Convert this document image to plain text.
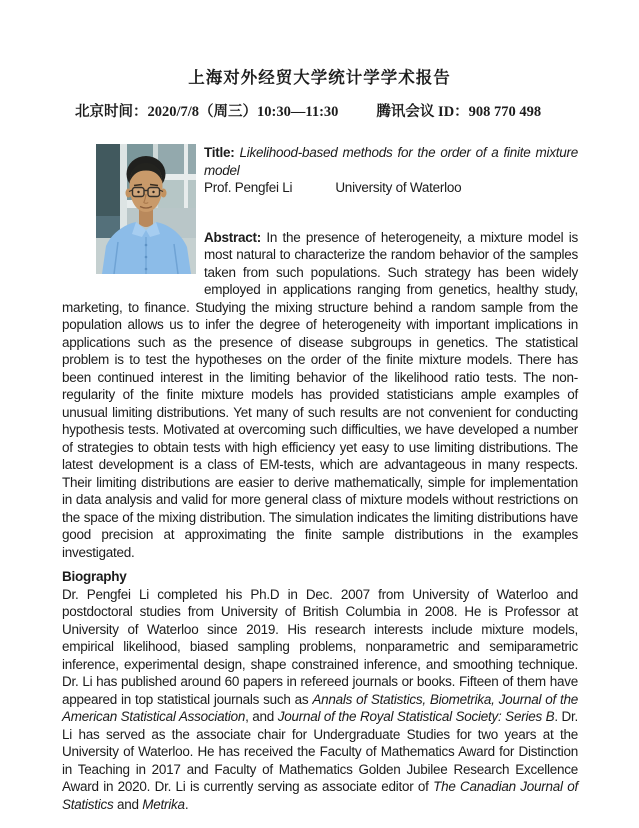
上海对外经贸大学统计学学术报告
北京时间：2020/7/8（周三）10:30—11:30	腾讯会议 ID：908 770 498

Title: Likelihood-based methods for the order of a finite mixture model

Prof. Pengfei Li	University of Waterloo

Abstract: In the presence of heterogeneity, a mixture model is most natural to characterize the random behavior of the samples taken from such populations. Such strategy has been widely employed in applications ranging from genetics, healthy study, marketing, to finance. Studying the mixing structure behind a random sample from the population allows us to infer the degree of heterogeneity with important implications in applications such as the presence of disease subgroups in genetics. The statistical problem is to test the hypotheses on the order of the finite mixture models. There has been continued interest in the limiting behavior of the likelihood ratio tests. The non-regularity of the finite mixture models has provided statisticians ample examples of unusual limiting distributions. Yet many of such results are not convenient for conducting hypothesis tests. Motivated at overcoming such difficulties, we have developed a number of strategies to obtain tests with high efficiency yet easy to use limiting distributions. The latest development is a class of EM-tests, which are advantageous in many respects. Their limiting distributions are easier to derive mathematically, simple for implementation in data analysis and valid for more general class of mixture models without restrictions on the space of the mixing distribution. The simulation indicates the limiting distributions have good precision at approximating the finite sample distributions in the examples investigated.

Biography

Dr. Pengfei Li completed his Ph.D in Dec. 2007 from University of Waterloo and postdoctoral studies from University of British Columbia in 2008. He is Professor at University of Waterloo since 2019. His research interests include mixture models, empirical likelihood, biased sampling problems, nonparametric and semiparametric inference, experimental design, shape constrained inference, and smoothing technique. Dr. Li has published around 60 papers in refereed journals or books. Fifteen of them have appeared in top statistical journals such as Annals of Statistics, Biometrika, Journal of the American Statistical Association, and Journal of the Royal Statistical Society: Series B. Dr. Li has served as the associate chair for Undergraduate Studies for two years at the University of Waterloo. He has received the Faculty of Mathematics Award for Distinction in Teaching in 2017 and Faculty of Mathematics Golden Jubilee Research Excellence Award in 2020. Dr. Li is currently serving as associate editor of The Canadian Journal of Statistics and Metrika.
